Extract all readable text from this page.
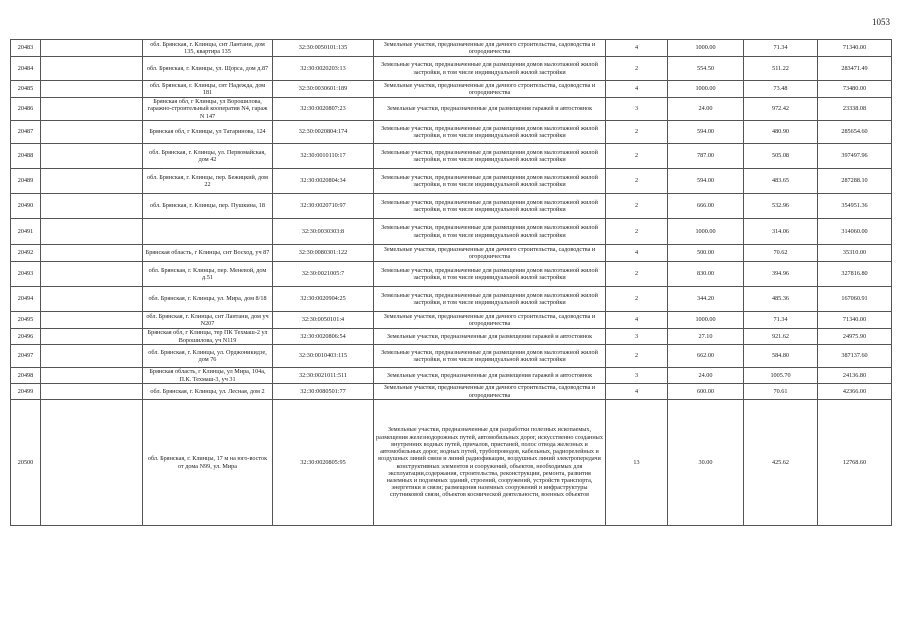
1053
20483		обл. Брянская, г. Клинцы, снт Лантани, дом 135, квартира 135	32:30:0050101:135	Земельные участки, предназначенные для дачного строительства, садоводства и огородничества	4	1000.00	71.34	71340.00
20484		обл. Брянская, г. Клинцы, ул. Щорса, дом д.87	32:30:0020203:13	Земельные участки, предназначенные для размещения домов малоэтажной жилой застройки, в том числе индивидуальной жилой застройки	2	554.50	511.22	283471.49
20485		обл. Брянская, г. Клинцы, снт Надежда, дом 181	32:30:0030601:189	Земельные участки, предназначенные для дачного строительства, садоводства и огородничества	4	1000.00	73.48	73480.00
20486		Брянская обл, г Клинцы, ул Ворошилова, гаражно-строительный кооператив N4, гараж N 147	32:30:0020807:23	Земельные участки, предназначенные для размещения гаражей и автостоянок	3	24.00	972.42	23338.08
20487		Брянская обл, г Клинцы, ул Татаринова, 124	32:30:0020804:174	Земельные участки, предназначенные для размещения домов малоэтажной жилой застройки, в том числе индивидуальной жилой застройки	2	594.00	480.90	285654.60
20488		обл. Брянская, г. Клинцы, ул. Первомайская, дом 42	32:30:0010110:17	Земельные участки, предназначенные для размещения домов малоэтажной жилой застройки, в том числе индивидуальной жилой застройки	2	787.00	505.08	397497.96
20489		обл. Брянская, г. Клинцы, пер. Бежицкий, дом 22	32:30:0020804:34	Земельные участки, предназначенные для размещения домов малоэтажной жилой застройки, в том числе индивидуальной жилой застройки	2	594.00	483.65	287288.10
20490		обл. Брянская, г. Клинцы, пер. Пушкина, 18	32:30:0020710:97	Земельные участки, предназначенные для размещения домов малоэтажной жилой застройки, в том числе индивидуальной жилой застройки	2	666.00	532.96	354951.36
20491			32:30:0030303:8	Земельные участки, предназначенные для размещения домов малоэтажной жилой застройки, в том числе индивидуальной жилой застройки	2	1000.00	314.06	314060.00
20492		Брянская область, г Клинцы, снт Восход, уч 87	32:30:0080301:122	Земельные участки, предназначенные для дачного строительства, садоводства и огородничества	4	500.00	70.62	35310.00
20493		обл. Брянская, г. Клинцы, пер. Меневой, дом д.51	32:30:0021005:7	Земельные участки, предназначенные для размещения домов малоэтажной жилой застройки, в том числе индивидуальной жилой застройки	2	830.00	394.96	327816.80
20494		обл. Брянская, г. Клинцы, ул. Мира, дом 8/18	32:30:0020904:25	Земельные участки, предназначенные для размещения домов малоэтажной жилой застройки, в том числе индивидуальной жилой застройки	2	344.20	485.36	167060.91
20495		обл. Брянская, г. Клинцы, снт Лантани, дом уч N207	32:30:0050101:4	Земельные участки, предназначенные для дачного строительства, садоводства и огородничества	4	1000.00	71.34	71340.00
20496		Брянская обл, г Клинцы, тер ПК Техмаш-2 ул Ворошилова, уч N119	32:30:0020806:54	Земельные участки, предназначенные для размещения гаражей и автостоянок	3	27.10	921.62	24975.90
20497		обл. Брянская, г. Клинцы, ул. Орджоникидзе, дом 76	32:30:0010403:115	Земельные участки, предназначенные для размещения домов малоэтажной жилой застройки, в том числе индивидуальной жилой застройки	2	662.00	584.80	387137.60
20498		Брянская область, г Клинцы, ул Мира, 104а, П.К. Техмаш-3, уч 31	32:30:0021011:511	Земельные участки, предназначенные для размещения гаражей и автостоянок	3	24.00	1005.70	24136.80
20499		обл. Брянская, г. Клинцы, ул. Лесная, дом 2	32:30:0080501:77	Земельные участки, предназначенные для дачного строительства, садоводства и огородничества	4	600.00	70.61	42366.00
20500		обл. Брянская, г. Клинцы, 17 м на юго-восток от дома N99, ул. Мира	32:30:0020805:95	Земельные участки, предназначенные для разработки полезных ископаемых, размещения железнодорожных путей, автомобильных дорог, искусственно созданных внутренних водных путей, причалов, пристаней, полос отвода железных и автомобильных дорог, водных путей, трубопроводов, кабельных, радиорелейных и воздушных линий связи и линий радиофикации, воздушных линий электропередачи конструктивных элементов и сооружений, объектов, необходимых для эксплуатации,содержания, строительства, реконструкции, ремонта, развития наземных и подземных зданий, строений, сооружений, устройств транспорта, энергетики и связи; размещения наземных сооружений и инфраструктуры спутниковой связи, объектов космической деятельности, военных объектов	13	30.00	425.62	12768.60
